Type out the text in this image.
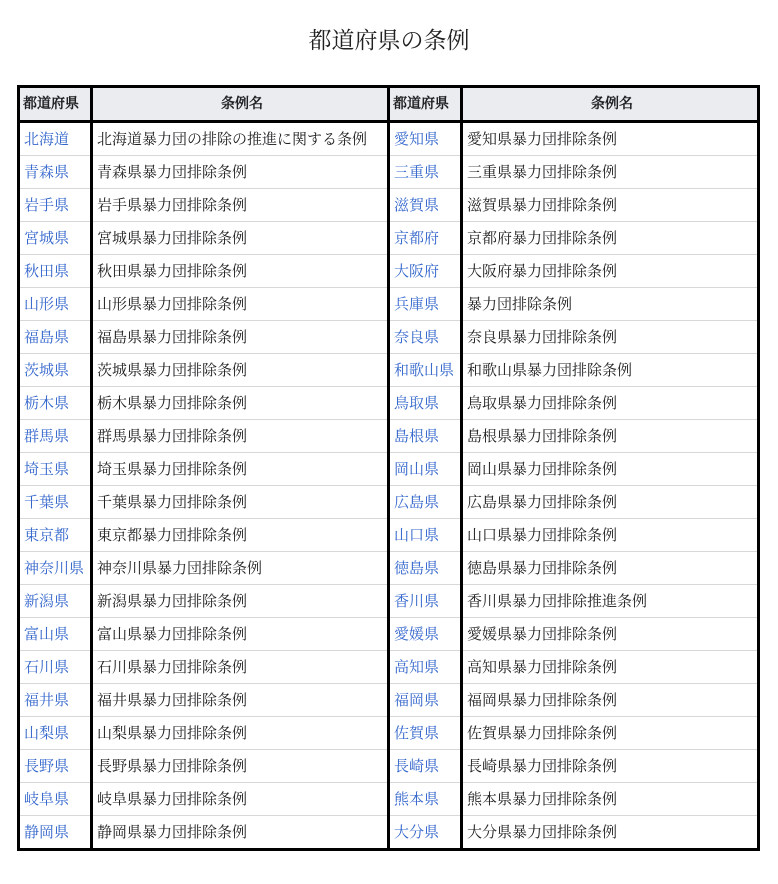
都道府県の条例
都道府県	条例名	都道府県	条例名
北海道	北海道暴力団の排除の推進に関する条例	愛知県	愛知県暴力団排除条例
青森県	青森県暴力団排除条例	三重県	三重県暴力団排除条例
岩手県	岩手県暴力団排除条例	滋賀県	滋賀県暴力団排除条例
宮城県	宮城県暴力団排除条例	京都府	京都府暴力団排除条例
秋田県	秋田県暴力団排除条例	大阪府	大阪府暴力団排除条例
山形県	山形県暴力団排除条例	兵庫県	暴力団排除条例
福島県	福島県暴力団排除条例	奈良県	奈良県暴力団排除条例
茨城県	茨城県暴力団排除条例	和歌山県	和歌山県暴力団排除条例
栃木県	栃木県暴力団排除条例	鳥取県	鳥取県暴力団排除条例
群馬県	群馬県暴力団排除条例	島根県	島根県暴力団排除条例
埼玉県	埼玉県暴力団排除条例	岡山県	岡山県暴力団排除条例
千葉県	千葉県暴力団排除条例	広島県	広島県暴力団排除条例
東京都	東京都暴力団排除条例	山口県	山口県暴力団排除条例
神奈川県	神奈川県暴力団排除条例	徳島県	徳島県暴力団排除条例
新潟県	新潟県暴力団排除条例	香川県	香川県暴力団排除推進条例
富山県	富山県暴力団排除条例	愛媛県	愛媛県暴力団排除条例
石川県	石川県暴力団排除条例	高知県	高知県暴力団排除条例
福井県	福井県暴力団排除条例	福岡県	福岡県暴力団排除条例
山梨県	山梨県暴力団排除条例	佐賀県	佐賀県暴力団排除条例
長野県	長野県暴力団排除条例	長崎県	長崎県暴力団排除条例
岐阜県	岐阜県暴力団排除条例	熊本県	熊本県暴力団排除条例
静岡県	静岡県暴力団排除条例	大分県	大分県暴力団排除条例
